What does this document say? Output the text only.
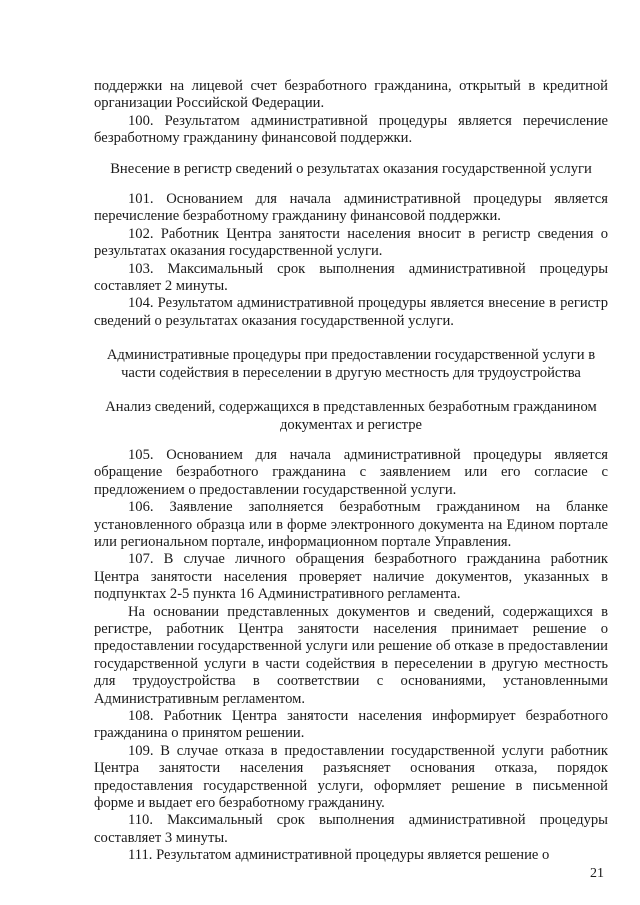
поддержки на лицевой счет безработного гражданина, открытый в кредитной организации Российской Федерации.

100. Результатом административной процедуры является перечисление безработному гражданину финансовой поддержки.

Внесение в регистр сведений о результатах оказания государственной услуги

101. Основанием для начала административной процедуры является перечисление безработному гражданину финансовой поддержки.

102. Работник Центра занятости населения вносит в регистр сведения о результатах оказания государственной услуги.

103. Максимальный срок выполнения административной процедуры составляет 2 минуты.

104. Результатом административной процедуры является внесение в регистр сведений о результатах оказания государственной услуги.

Административные процедуры при предоставлении государственной услуги в части содействия в переселении в другую местность для трудоустройства

Анализ сведений, содержащихся в представленных безработным гражданином документах и регистре

105. Основанием для начала административной процедуры является обращение безработного гражданина с заявлением или его согласие с предложением о предоставлении государственной услуги.

106. Заявление заполняется безработным гражданином на бланке установленного образца или в форме электронного документа на Едином портале или региональном портале, информационном портале Управления.

107. В случае личного обращения безработного гражданина работник Центра занятости населения проверяет наличие документов, указанных в подпунктах 2-5 пункта 16 Административного регламента.

На основании представленных документов и сведений, содержащихся в регистре, работник Центра занятости населения принимает решение о предоставлении государственной услуги или решение об отказе в предоставлении государственной услуги в части содействия в переселении в другую местность для трудоустройства в соответствии с основаниями, установленными Административным регламентом.

108. Работник Центра занятости населения информирует безработного гражданина о принятом решении.

109. В случае отказа в предоставлении государственной услуги работник Центра занятости населения разъясняет основания отказа, порядок предоставления государственной услуги, оформляет решение в письменной форме и выдает его безработному гражданину.

110. Максимальный срок выполнения административной процедуры составляет 3 минуты.

111. Результатом административной процедуры является решение о

21
